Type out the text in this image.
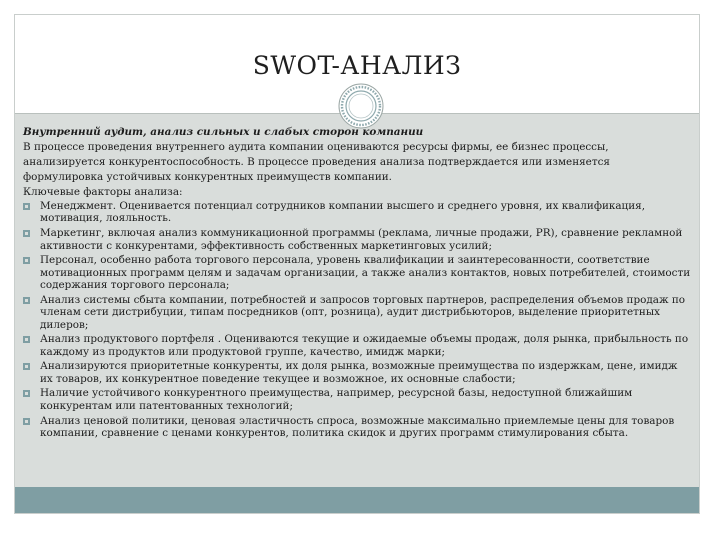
SWOT-АНАЛИЗ

Внутренний аудит, анализ сильных и слабых сторон компании

В процессе проведения внутреннего аудита компании оцениваются ресурсы фирмы, ее бизнес процессы, анализируется конкурентоспособность. В процессе проведения анализа подтверждается или изменяется формулировка устойчивых конкурентных преимуществ компании.

Ключевые факторы анализа:

Менеджмент. Оценивается потенциал сотрудников компании высшего и среднего уровня, их квалификация, мотивация, лояльность.
Маркетинг, включая анализ коммуникационной программы (реклама, личные продажи, PR), сравнение рекламной активности с конкурентами, эффективность собственных маркетинговых усилий;
Персонал, особенно работа торгового персонала, уровень квалификации и заинтересованности, соответствие мотивационных программ целям и задачам организации, а также анализ контактов, новых потребителей, стоимости содержания торгового персонала;
Анализ системы сбыта компании, потребностей и запросов торговых партнеров, распределения объемов продаж по членам сети дистрибуции, типам посредников (опт, розница), аудит дистрибьюторов, выделение приоритетных дилеров;
Анализ продуктового портфеля . Оцениваются текущие и ожидаемые объемы продаж, доля рынка, прибыльность по каждому из продуктов или продуктовой группе, качество, имидж марки;
Анализируются приоритетные конкуренты, их доля рынка, возможные преимущества по издержкам, цене, имидж их товаров, их конкурентное поведение текущее и возможное, их основные слабости;
Наличие устойчивого конкурентного преимущества, например, ресурсной базы, недоступной ближайшим конкурентам или патентованных технологий;
Анализ ценовой политики, ценовая эластичность спроса, возможные максимально приемлемые цены для товаров компании, сравнение с ценами конкурентов, политика скидок и других программ стимулирования сбыта.
